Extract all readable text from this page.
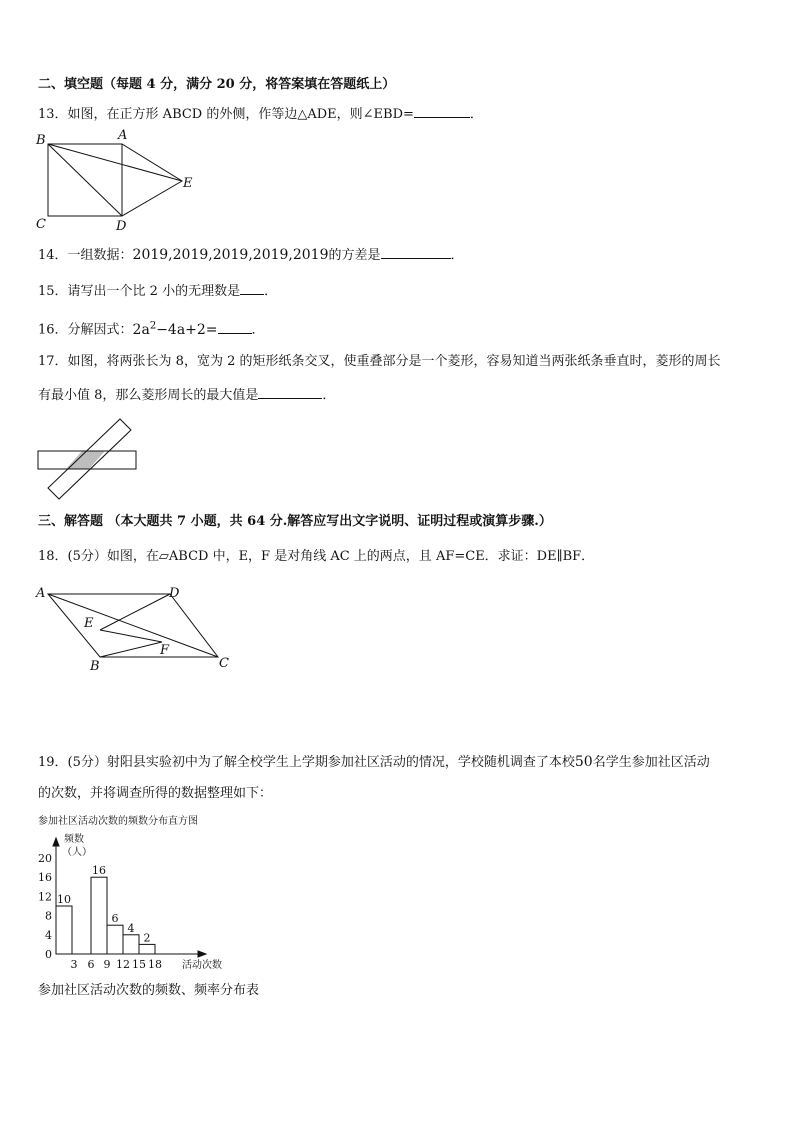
二、填空题（每题 4 分，满分 20 分，将答案填在答题纸上）
13．如图，在正方形 ABCD 的外侧，作等边△ADE，则∠EBD=	．
B	A
E
C	D
14．一组数据：2019,2019,2019,2019,2019的方差是	．
15．请写出一个比 2 小的无理数是 ．
16．分解因式：$2a^2-4a+2=$	．
17．如图，将两张长为 8，宽为 2 的矩形纸条交叉，使重叠部分是一个菱形，容易知道当两张纸条垂直时，菱形的周长
有最小值 8，那么菱形周长的最大值是	．
三、解答题 （本大题共 7 小题，共 64 分.解答应写出文字说明、证明过程或演算步骤.）
18．(5分）如图，在▱ABCD 中，E，F 是对角线 AC 上的两点，且 AF=CE．求证：DE∥BF．
A	D
E
F
B	C
19．(5分）射阳县实验初中为了解全校学生上学期参加社区活动的情况，学校随机调查了本校50名学生参加社区活动
的次数，并将调查所得的数据整理如下：
参加社区活动次数的频数分布直方图
频数
（人）
活动次数
0
4
8
12
16
20
10
16
6
4
2
3 6 9 12 15 18
参加社区活动次数的频数、频率分布表
